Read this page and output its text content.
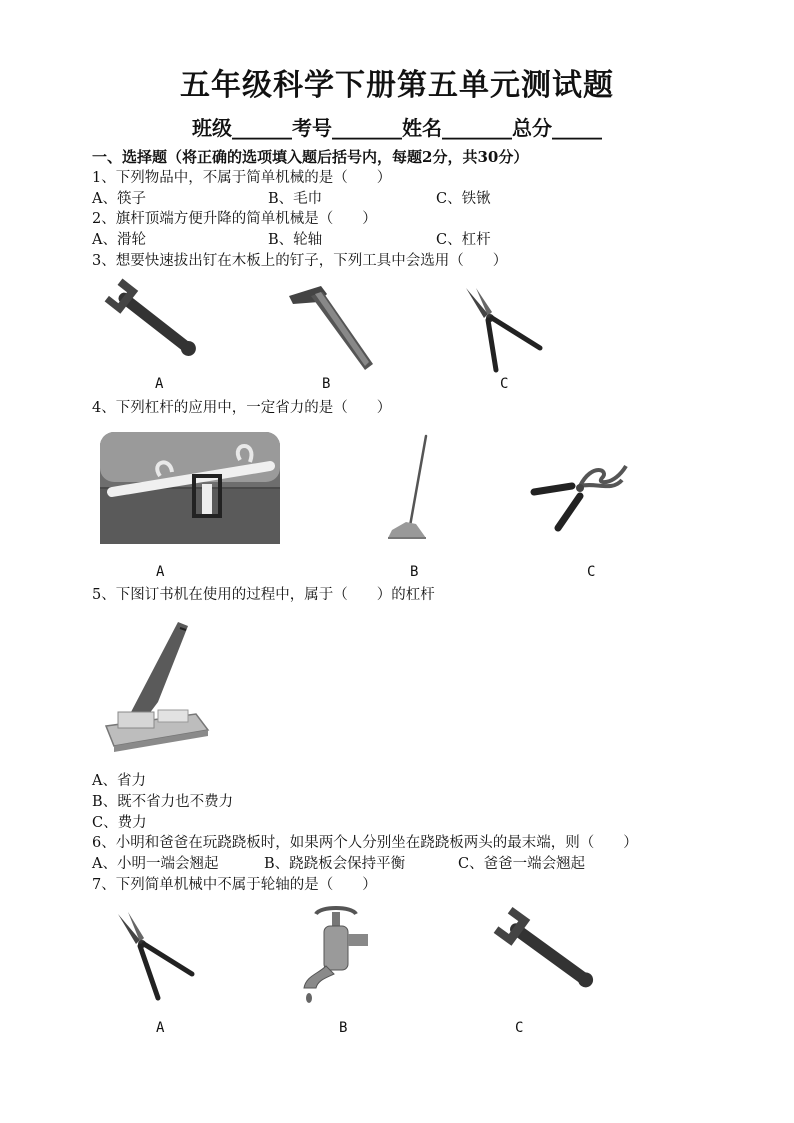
五年级科学下册第五单元测试题
班级______考号_______姓名_______总分_____
一、选择题（将正确的选项填入题后括号内，每题2分，共30分）
1、下列物品中，不属于简单机械的是（　　）
A、筷子	B、毛巾	C、铁锹
2、旗杆顶端方便升降的简单机械是（　　）
A、滑轮	B、轮轴	C、杠杆
3、想要快速拔出钉在木板上的钉子，下列工具中会选用（　　）
A	B	C
4、下列杠杆的应用中，一定省力的是（　　）
A	B	C
5、下图订书机在使用的过程中，属于（　　）的杠杆
A、省力
B、既不省力也不费力
C、费力
6、小明和爸爸在玩跷跷板时，如果两个人分别坐在跷跷板两头的最末端，则（　　）
A、小明一端会翘起	B、跷跷板会保持平衡	C、爸爸一端会翘起
7、下列简单机械中不属于轮轴的是（　　）
A	B	C
